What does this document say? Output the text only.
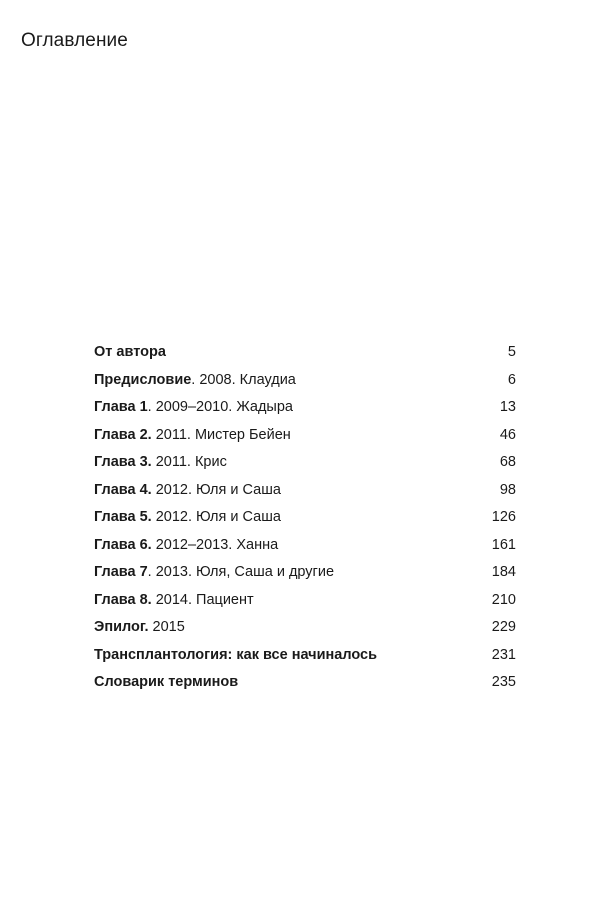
Оглавление
От автора	5
Предисловие. 2008. Клаудиа	6
Глава 1. 2009–2010. Жадыра	13
Глава 2. 2011. Мистер Бейен	46
Глава 3. 2011. Крис	68
Глава 4. 2012. Юля и Саша	98
Глава 5. 2012. Юля и Саша	126
Глава 6. 2012–2013. Ханна	161
Глава 7. 2013. Юля, Саша и другие	184
Глава 8. 2014. Пациент	210
Эпилог. 2015	229
Трансплантология: как все начиналось	231
Словарик терминов	235
